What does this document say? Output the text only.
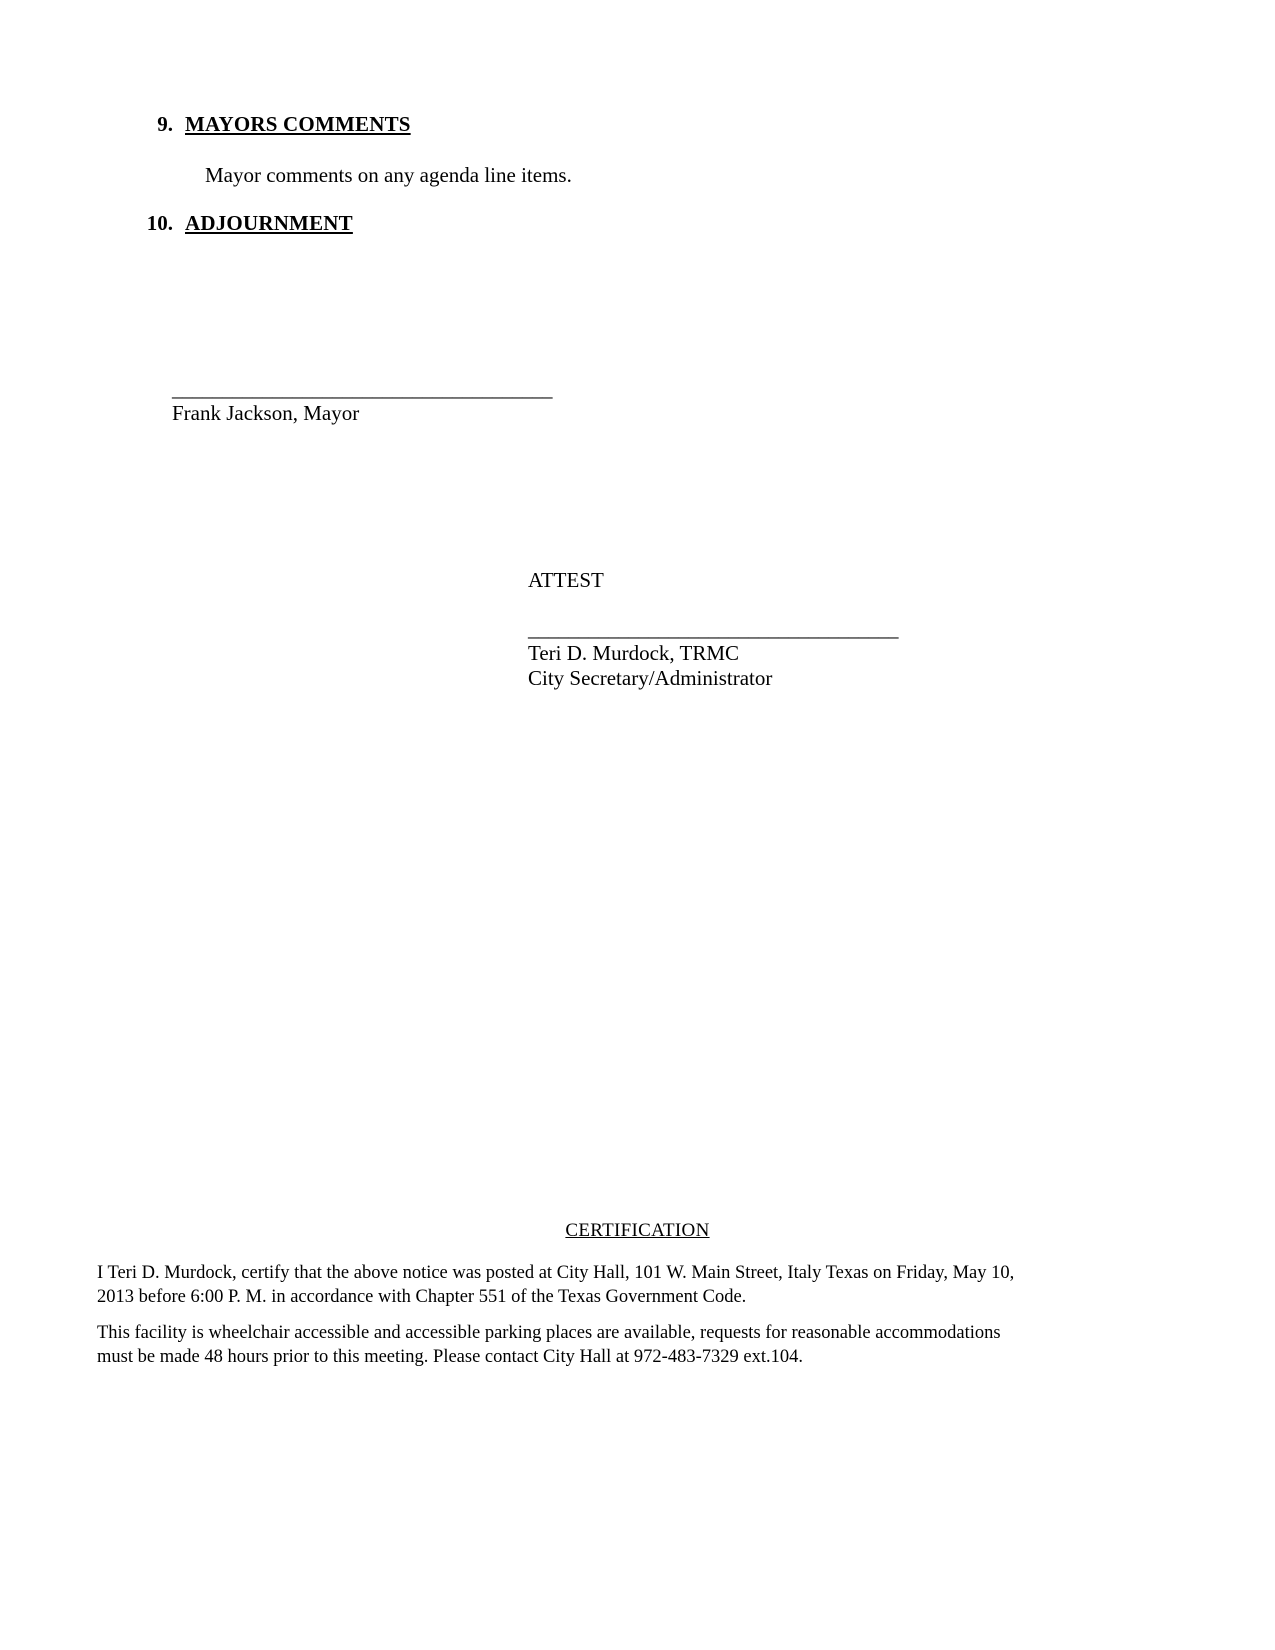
9. MAYORS COMMENTS
Mayor comments on any agenda line items.
10. ADJOURNMENT
______________________________________
Frank Jackson, Mayor
ATTEST
_____________________________________
Teri D. Murdock, TRMC
City Secretary/Administrator
CERTIFICATION
I Teri D. Murdock, certify that the above notice was posted at City Hall, 101 W. Main Street, Italy Texas on Friday, May 10, 2013 before 6:00 P. M. in accordance with Chapter 551 of the Texas Government Code.
This facility is wheelchair accessible and accessible parking places are available, requests for reasonable accommodations must be made 48 hours prior to this meeting. Please contact City Hall at 972-483-7329 ext.104.
